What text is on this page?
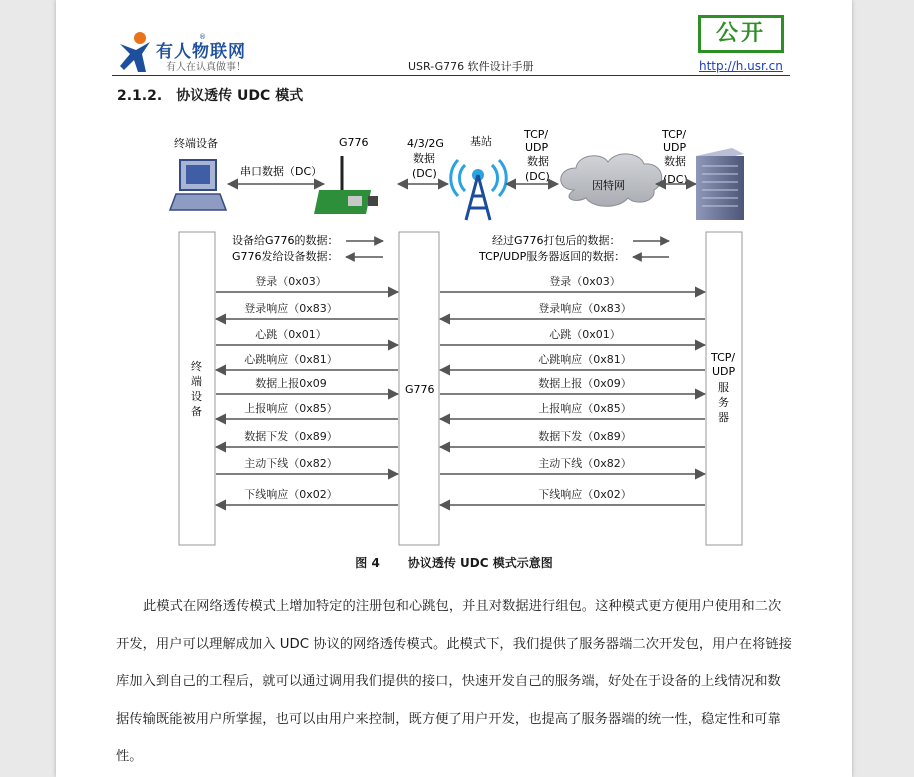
®
有人物联网
有人在认真做事！	USR-G776 软件设计手册
公开
http://h.usr.cn
2.1.2. 协议透传 UDC 模式
终端设备	G776	基站
串口数据（DC）
4/3/2G
数据
(DC)
TCP/
UDP
数据
(DC)
TCP/
UDP
数据
(DC)
因特网
终
端
设
备
G776
TCP/
UDP
服
务
器
设备给G776的数据：
G776发给设备数据：
经过G776打包后的数据：
TCP/UDP服务器返回的数据：
登录（0x03）	登录（0x03）
登录响应（0x83）	登录响应（0x83）
心跳（0x01）	心跳（0x01）
心跳响应（0x81）	心跳响应（0x81）
数据上报0x09	数据上报（0x09）
上报响应（0x85）	上报响应（0x85）
数据下发（0x89）	数据下发（0x89）
主动下线（0x82）	主动下线（0x82）
下线响应（0x02）	下线响应（0x02）
图 4 协议透传 UDC 模式示意图
此模式在网络透传模式上增加特定的注册包和心跳包，并且对数据进行组包。这种模式更方便用户使用和二次开发，用户可以理解成加入 UDC 协议的网络透传模式。此模式下，我们提供了服务器端二次开发包，用户在将链接库加入到自己的工程后，就可以通过调用我们提供的接口，快速开发自己的服务端，好处在于设备的上线情况和数据传输既能被用户所掌握，也可以由用户来控制，既方便了用户开发，也提高了服务器端的统一性，稳定性和可靠性。
